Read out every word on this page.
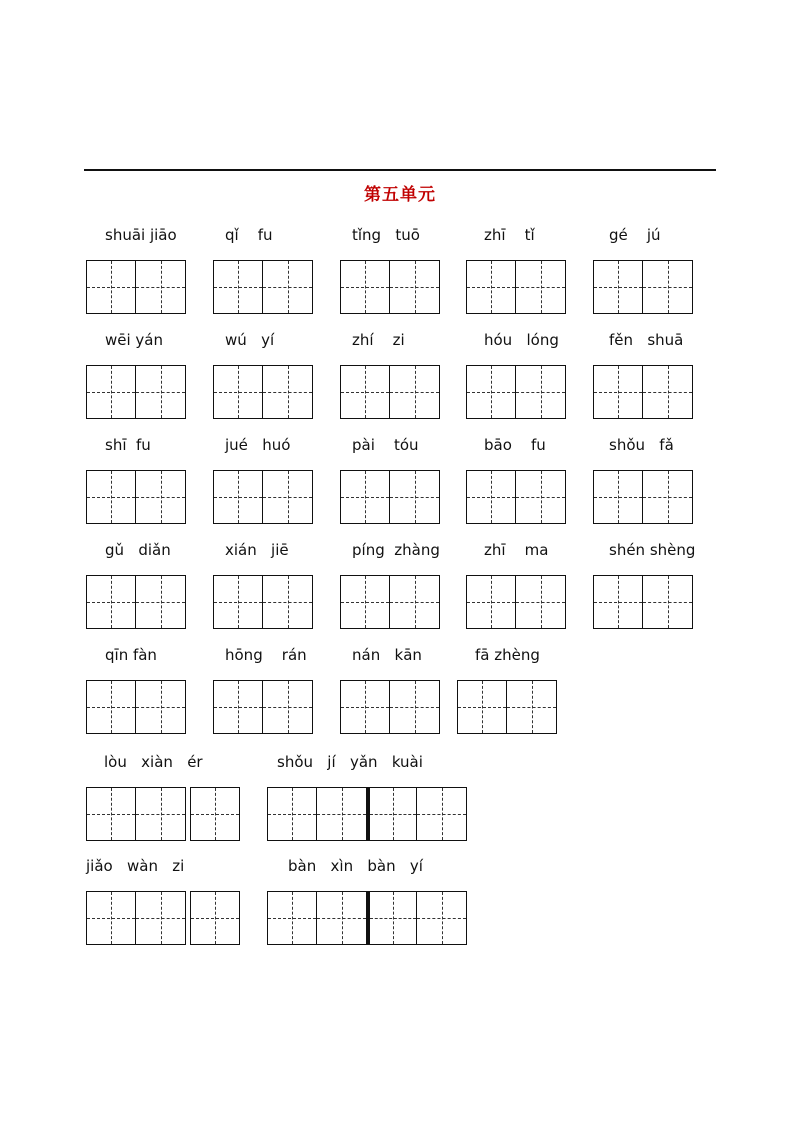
第五单元
shuāi jiāo	qǐ    fu	tǐng   tuō	zhī    tǐ	gé    jú
wēi yán	wú   yí	zhí    zi	hóu   lóng	fěn   shuā
shī  fu	jué   huó	pài    tóu	bāo    fu	shǒu   fǎ
gǔ   diǎn	xián   jiē	píng  zhàng	zhī    ma	shén shèng
qīn fàn	hōng    rán	nán   kān	fā zhèng
lòu   xiàn   ér	shǒu   jí   yǎn   kuài
jiǎo   wàn   zi	bàn   xìn   bàn   yí
